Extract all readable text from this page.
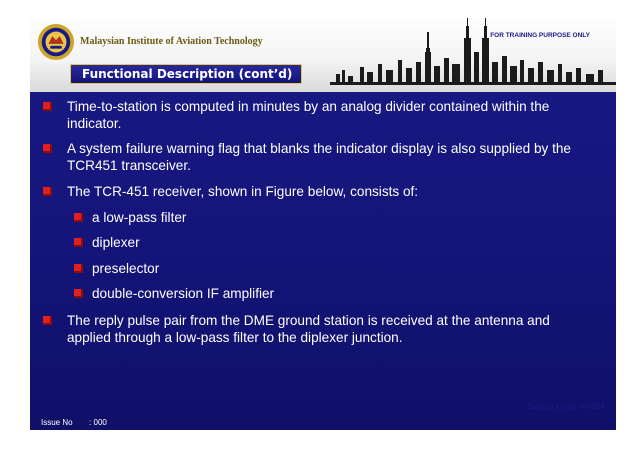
Malaysian Institute of Aviation Technology
FOR TRAINING PURPOSE ONLY
Functional Description (cont’d)
Time-to-station is computed in minutes by an analog divider contained within the indicator.
A system failure warning flag that blanks the indicator display is also supplied by the TCR451 transceiver.
The TCR-451 receiver, shown in Figure below, consists of:
a low-pass filter
diplexer
preselector
double-conversion IF amplifier
The reply pulse pair from the DME ground station is received at the antenna and applied through a low-pass filter to the diplexer junction.
Subject Code: AVI204
Issue No : 000
